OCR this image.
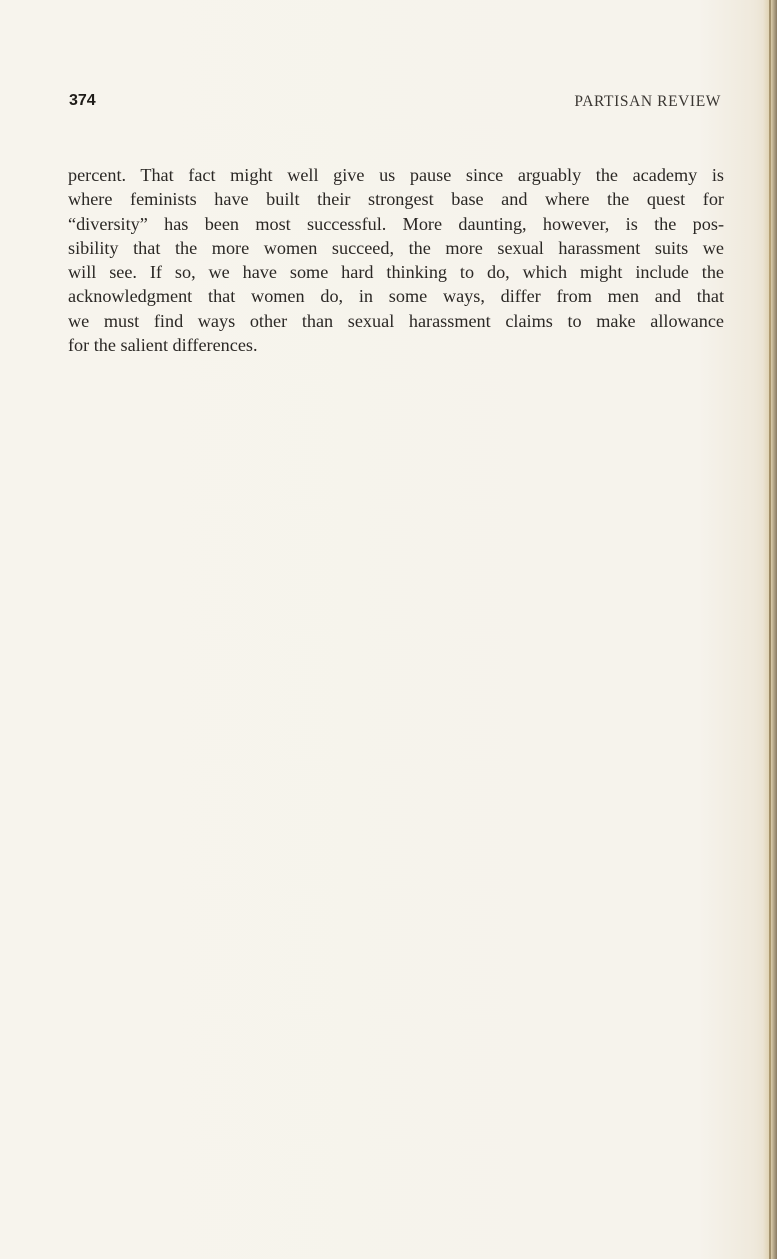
374	PARTISAN REVIEW
percent. That fact might well give us pause since arguably the academy is
where feminists have built their strongest base and where the quest for
“diversity” has been most successful. More daunting, however, is the pos-
sibility that the more women succeed, the more sexual harassment suits we
will see. If so, we have some hard thinking to do, which might include the
acknowledgment that women do, in some ways, differ from men and that
we must find ways other than sexual harassment claims to make allowance
for the salient differences.
